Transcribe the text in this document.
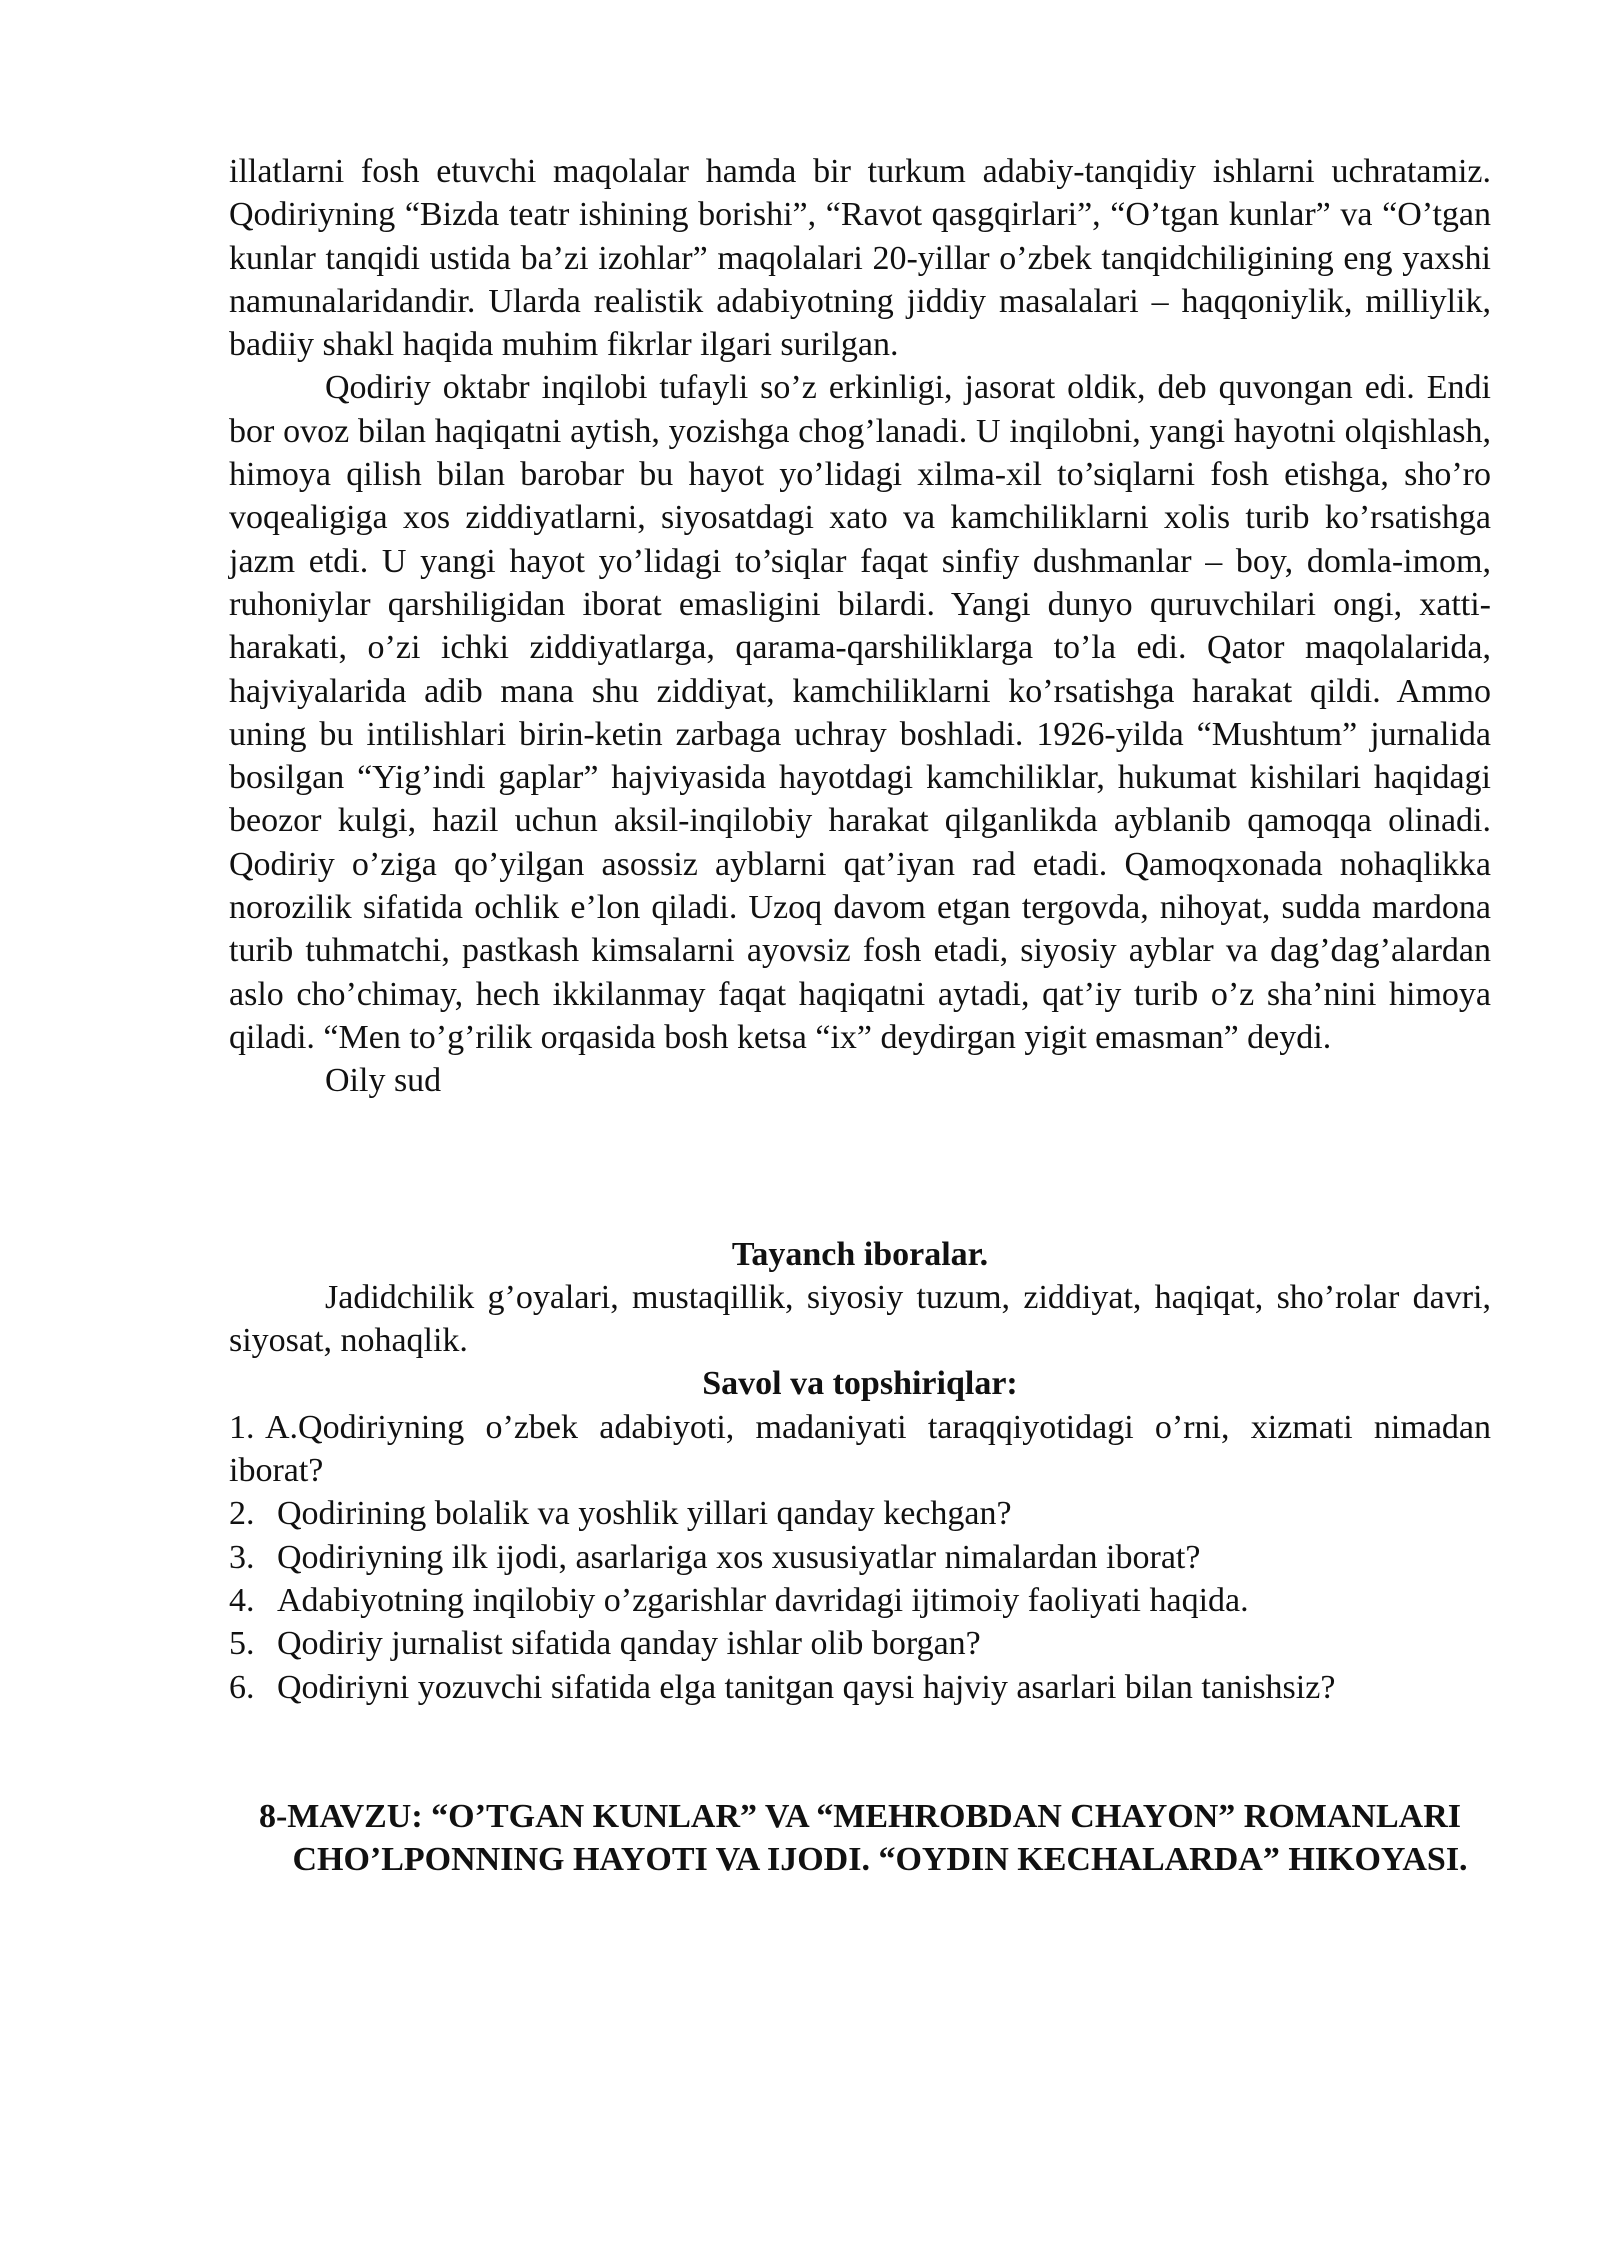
illatlarni fosh etuvchi maqolalar hamda bir turkum adabiy-tanqidiy ishlarni uchratamiz. Qodiriyning “Bizda teatr ishining borishi”, “Ravot qasgqirlari”, “O’tgan kunlar” va “O’tgan kunlar tanqidi ustida ba’zi izohlar” maqolalari 20-yillar o’zbek tanqidchiligining eng yaxshi namunalaridandir. Ularda realistik adabiyotning jiddiy masalalari – haqqoniylik, milliylik, badiiy shakl haqida muhim fikrlar ilgari surilgan.

Qodiriy oktabr inqilobi tufayli so’z erkinligi, jasorat oldik, deb quvongan edi. Endi bor ovoz bilan haqiqatni aytish, yozishga chog’lanadi. U inqilobni, yangi hayotni olqishlash, himoya qilish bilan barobar bu hayot yo’lidagi xilma-xil to’siqlarni fosh etishga, sho’ro voqealigiga xos ziddiyatlarni, siyosatdagi xato va kamchiliklarni xolis turib ko’rsatishga jazm etdi. U yangi hayot yo’lidagi to’siqlar faqat sinfiy dushmanlar – boy, domla-imom, ruhoniylar qarshiligidan iborat emasligini bilardi. Yangi dunyo quruvchilari ongi, xatti-harakati, o’zi ichki ziddiyatlarga, qarama-qarshiliklarga to’la edi. Qator maqolalarida, hajviyalarida adib mana shu ziddiyat, kamchiliklarni ko’rsatishga harakat qildi. Ammo uning bu intilishlari birin-ketin zarbaga uchray boshladi. 1926-yilda “Mushtum” jurnalida bosilgan “Yig’indi gaplar” hajviyasida hayotdagi kamchiliklar, hukumat kishilari haqidagi beozor kulgi, hazil uchun aksil-inqilobiy harakat qilganlikda ayblanib qamoqqa olinadi. Qodiriy o’ziga qo’yilgan asossiz ayblarni qat’iyan rad etadi. Qamoqxonada nohaqlikka norozilik sifatida ochlik e’lon qiladi. Uzoq davom etgan tergovda, nihoyat, sudda mardona turib tuhmatchi, pastkash kimsalarni ayovsiz fosh etadi, siyosiy ayblar va dag’dag’alardan aslo cho’chimay, hech ikkilanmay faqat haqiqatni aytadi, qat’iy turib o’z sha’nini himoya qiladi. “Men to’g’rilik orqasida bosh ketsa “ix” deydirgan yigit emasman” deydi.

Oily sud

Tayanch iboralar.

Jadidchilik g’oyalari, mustaqillik, siyosiy tuzum, ziddiyat, haqiqat, sho’rolar davri, siyosat, nohaqlik.

Savol va topshiriqlar:

1. A.Qodiriyning o’zbek adabiyoti, madaniyati taraqqiyotidagi o’rni, xizmati nimadan iborat?

2. Qodirining bolalik va yoshlik yillari qanday kechgan?
3. Qodiriyning ilk ijodi, asarlariga xos xususiyatlar nimalardan iborat?
4. Adabiyotning inqilobiy o’zgarishlar davridagi ijtimoiy faoliyati haqida.
5. Qodiriy jurnalist sifatida qanday ishlar olib borgan?
6. Qodiriyni yozuvchi sifatida elga tanitgan qaysi hajviy asarlari bilan tanishsiz?

8-MAVZU: “O’TGAN KUNLAR” VA “MEHROBDAN CHAYON” ROMANLARI

CHO’LPONNING HAYOTI VA IJODI. “OYDIN KECHALARDA” HIKOYASI.
